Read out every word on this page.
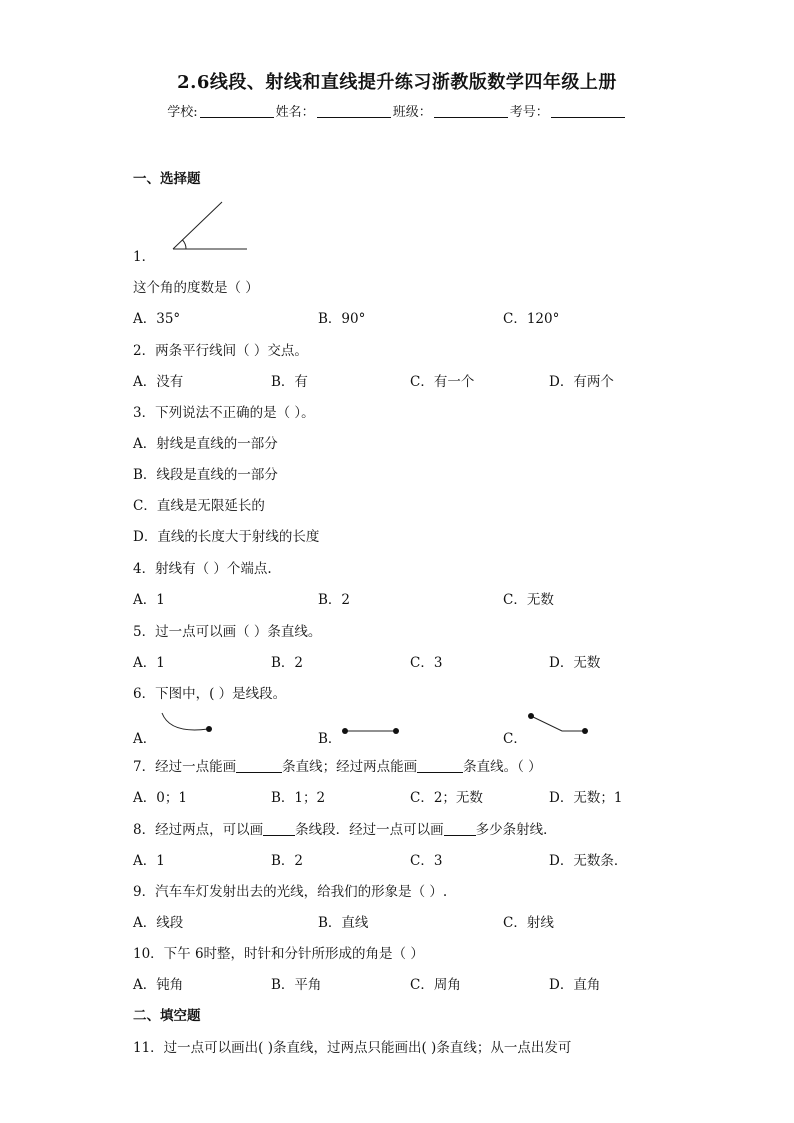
2.6线段、射线和直线提升练习浙教版数学四年级上册
学校:	姓名：	班级：	考号：
一、选择题
1．
这个角的度数是（ ）
A．35°	B．90°	C．120°
2．两条平行线间（ ）交点。
A．没有	B．有	C．有一个	D．有两个
3．下列说法不正确的是（ ）。
A．射线是直线的一部分
B．线段是直线的一部分
C．直线是无限延长的
D．直线的长度大于射线的长度
4．射线有（ ）个端点.
A．1	B．2	C．无数
5．过一点可以画（ ）条直线。
A．1	B．2	C．3	D．无数
6．下图中，( ）是线段。
A．	B．	C．
7．经过一点能画	条直线；经过两点能画	条直线。（ ）
A．0；1	B．1；2	C．2；无数	D．无数；1
8．经过两点，可以画 条线段．经过一点可以画 多少条射线．
A．1	B．2	C．3	D．无数条．
9．汽车车灯发射出去的光线，给我们的形象是（ ）.
A．线段	B．直线	C．射线
10．下午 6时整，时针和分针所形成的角是（ ）
A．钝角	B．平角	C．周角	D．直角
二、填空题
11．过一点可以画出( )条直线，过两点只能画出( )条直线；从一点出发可
